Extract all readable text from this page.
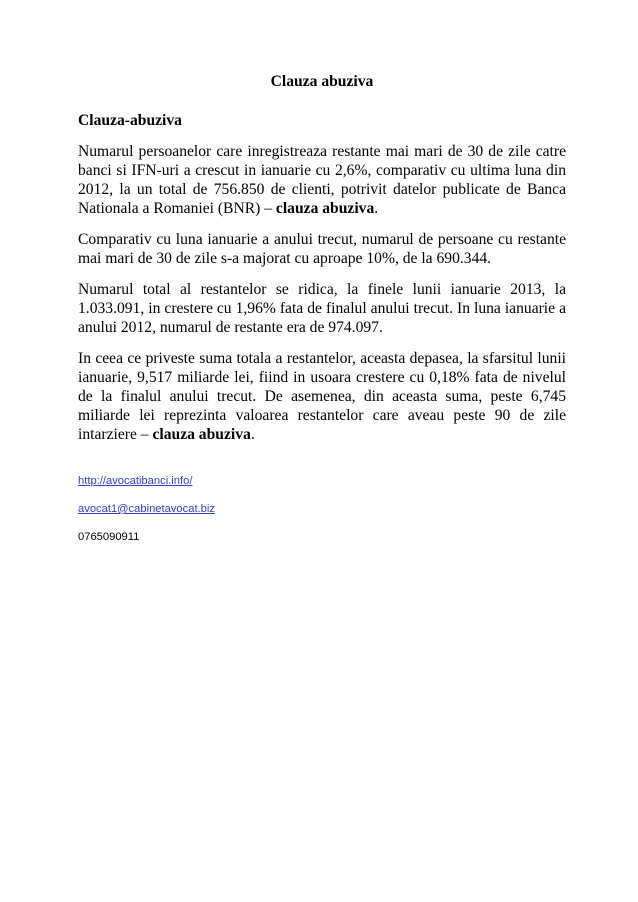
Clauza abuziva

Clauza-abuziva

Numarul persoanelor care inregistreaza restante mai mari de 30 de zile catre banci si IFN-uri a crescut in ianuarie cu 2,6%, comparativ cu ultima luna din 2012, la un total de 756.850 de clienti, potrivit datelor publicate de Banca Nationala a Romaniei (BNR) – clauza abuziva.

Comparativ cu luna ianuarie a anului trecut, numarul de persoane cu restante mai mari de 30 de zile s-a majorat cu aproape 10%, de la 690.344.

Numarul total al restantelor se ridica, la finele lunii ianuarie 2013, la 1.033.091, in crestere cu 1,96% fata de finalul anului trecut. In luna ianuarie a anului 2012, numarul de restante era de 974.097.

In ceea ce priveste suma totala a restantelor, aceasta depasea, la sfarsitul lunii ianuarie, 9,517 miliarde lei, fiind in usoara crestere cu 0,18% fata de nivelul de la finalul anului trecut. De asemenea, din aceasta suma, peste 6,745 miliarde lei reprezinta valoarea restantelor care aveau peste 90 de zile intarziere – clauza abuziva.

http://avocatibanci.info/
avocat1@cabinetavocat.biz
0765090911
